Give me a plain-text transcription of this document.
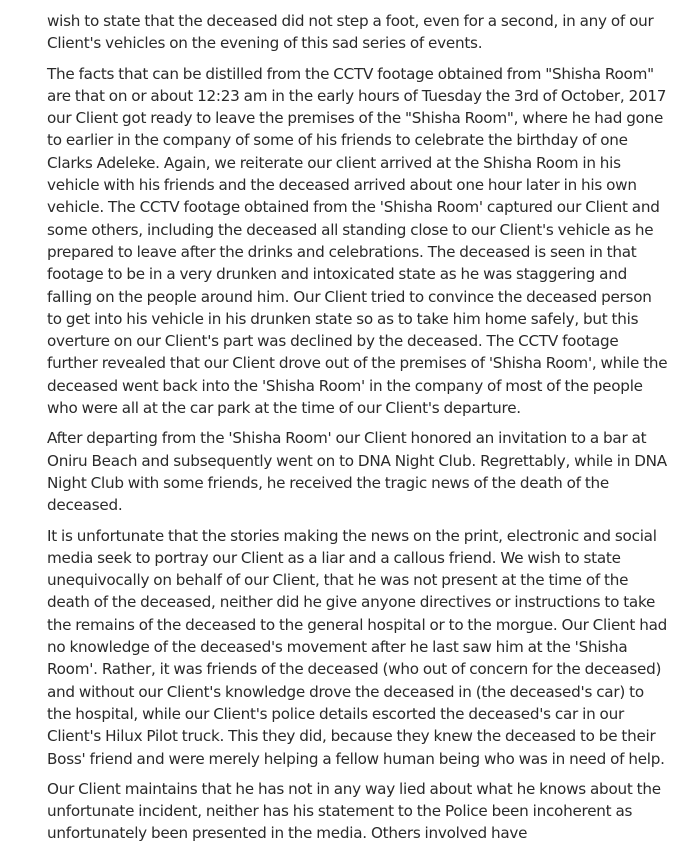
wish to state that the deceased did not step a foot, even for a second, in any of our Client's vehicles on the evening of this sad series of events.

The facts that can be distilled from the CCTV footage obtained from "Shisha Room" are that on or about 12:23 am in the early hours of Tuesday the 3rd of October, 2017 our Client got ready to leave the premises of the "Shisha Room", where he had gone to earlier in the company of some of his friends to celebrate the birthday of one Clarks Adeleke. Again, we reiterate our client arrived at the Shisha Room in his vehicle with his friends and the deceased arrived about one hour later in his own vehicle. The CCTV footage obtained from the 'Shisha Room' captured our Client and some others, including the deceased all standing close to our Client's vehicle as he prepared to leave after the drinks and celebrations. The deceased is seen in that footage to be in a very drunken and intoxicated state as he was staggering and falling on the people around him. Our Client tried to convince the deceased person to get into his vehicle in his drunken state so as to take him home safely, but this overture on our Client's part was declined by the deceased. The CCTV footage further revealed that our Client drove out of the premises of 'Shisha Room', while the deceased went back into the 'Shisha Room' in the company of most of the people who were all at the car park at the time of our Client's departure.

After departing from the 'Shisha Room' our Client honored an invitation to a bar at Oniru Beach and subsequently went on to DNA Night Club. Regrettably, while in DNA Night Club with some friends, he received the tragic news of the death of the deceased.

It is unfortunate that the stories making the news on the print, electronic and social media seek to portray our Client as a liar and a callous friend. We wish to state unequivocally on behalf of our Client, that he was not present at the time of the death of the deceased, neither did he give anyone directives or instructions to take the remains of the deceased to the general hospital or to the morgue. Our Client had no knowledge of the deceased's movement after he last saw him at the 'Shisha Room'. Rather, it was friends of the deceased (who out of concern for the deceased) and without our Client's knowledge drove the deceased in (the deceased's car) to the hospital, while our Client's police details escorted the deceased's car in our Client's Hilux Pilot truck. This they did, because they knew the deceased to be their Boss' friend and were merely helping a fellow human being who was in need of help.

Our Client maintains that he has not in any way lied about what he knows about the unfortunate incident, neither has his statement to the Police been incoherent as unfortunately been presented in the media. Others involved have
